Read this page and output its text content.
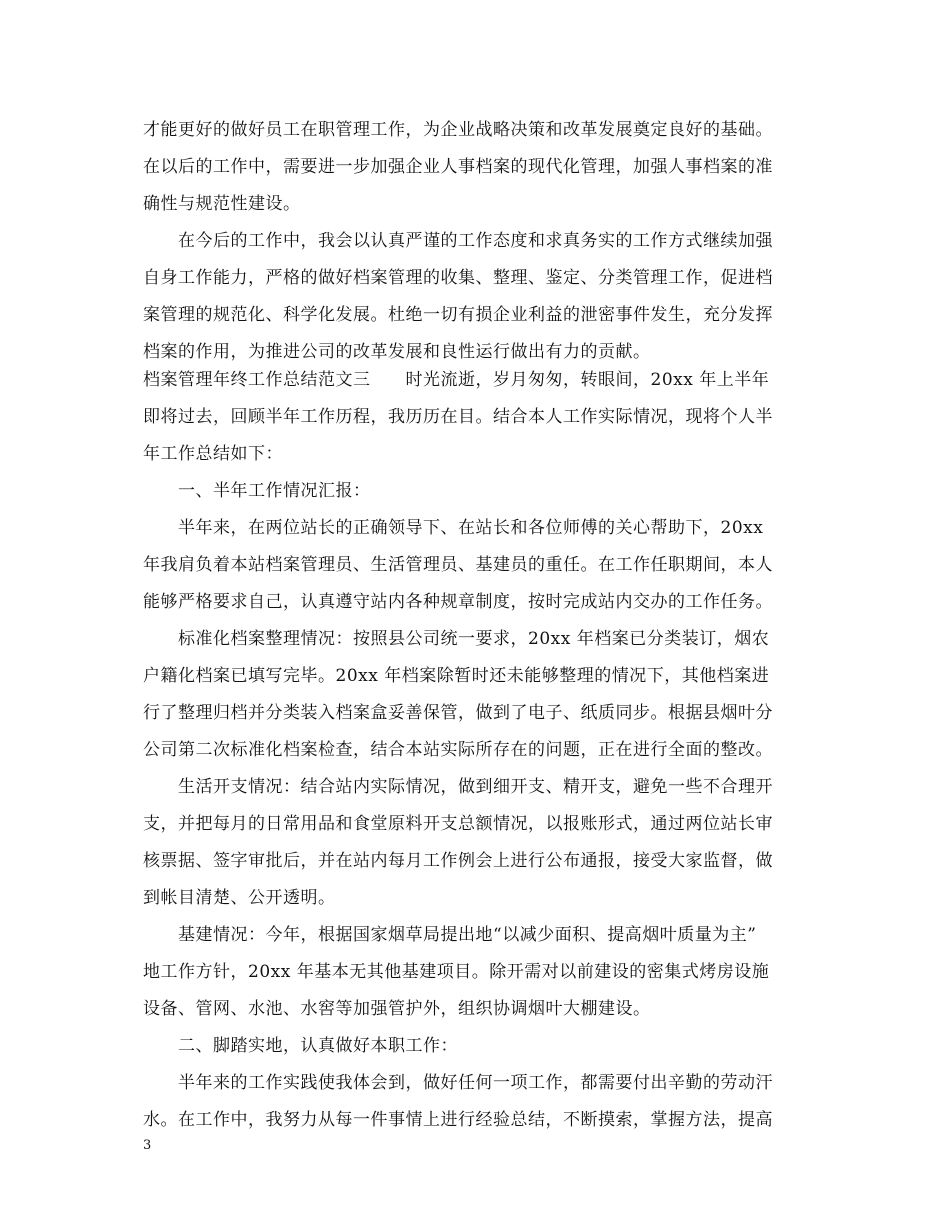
才能更好的做好员工在职管理工作，为企业战略决策和改革发展奠定良好的基础。
在以后的工作中，需要进一步加强企业人事档案的现代化管理，加强人事档案的准
确性与规范性建设。
在今后的工作中，我会以认真严谨的工作态度和求真务实的工作方式继续加强
自身工作能力，严格的做好档案管理的收集、整理、鉴定、分类管理工作，促进档
案管理的规范化、科学化发展。杜绝一切有损企业利益的泄密事件发生，充分发挥
档案的作用，为推进公司的改革发展和良性运行做出有力的贡献。
档案管理年终工作总结范文三　　时光流逝，岁月匆匆，转眼间，20xx 年上半年
即将过去，回顾半年工作历程，我历历在目。结合本人工作实际情况，现将个人半
年工作总结如下：
一、半年工作情况汇报：
半年来，在两位站长的正确领导下、在站长和各位师傅的关心帮助下，20xx
年我肩负着本站档案管理员、生活管理员、基建员的重任。在工作任职期间，本人
能够严格要求自己，认真遵守站内各种规章制度，按时完成站内交办的工作任务。
标准化档案整理情况：按照县公司统一要求，20xx 年档案已分类装订，烟农
户籍化档案已填写完毕。20xx 年档案除暂时还未能够整理的情况下，其他档案进
行了整理归档并分类装入档案盒妥善保管，做到了电子、纸质同步。根据县烟叶分
公司第二次标准化档案检查，结合本站实际所存在的问题，正在进行全面的整改。
生活开支情况：结合站内实际情况，做到细开支、精开支，避免一些不合理开
支，并把每月的日常用品和食堂原料开支总额情况，以报账形式，通过两位站长审
核票据、签字审批后，并在站内每月工作例会上进行公布通报，接受大家监督，做
到帐目清楚、公开透明。
基建情况：今年，根据国家烟草局提出地“以减少面积、提高烟叶质量为主”
地工作方针，20xx 年基本无其他基建项目。除开需对以前建设的密集式烤房设施
设备、管网、水池、水窖等加强管护外，组织协调烟叶大棚建设。
二、脚踏实地，认真做好本职工作：
半年来的工作实践使我体会到，做好任何一项工作，都需要付出辛勤的劳动汗
水。在工作中，我努力从每一件事情上进行经验总结，不断摸索，掌握方法，提高
3
